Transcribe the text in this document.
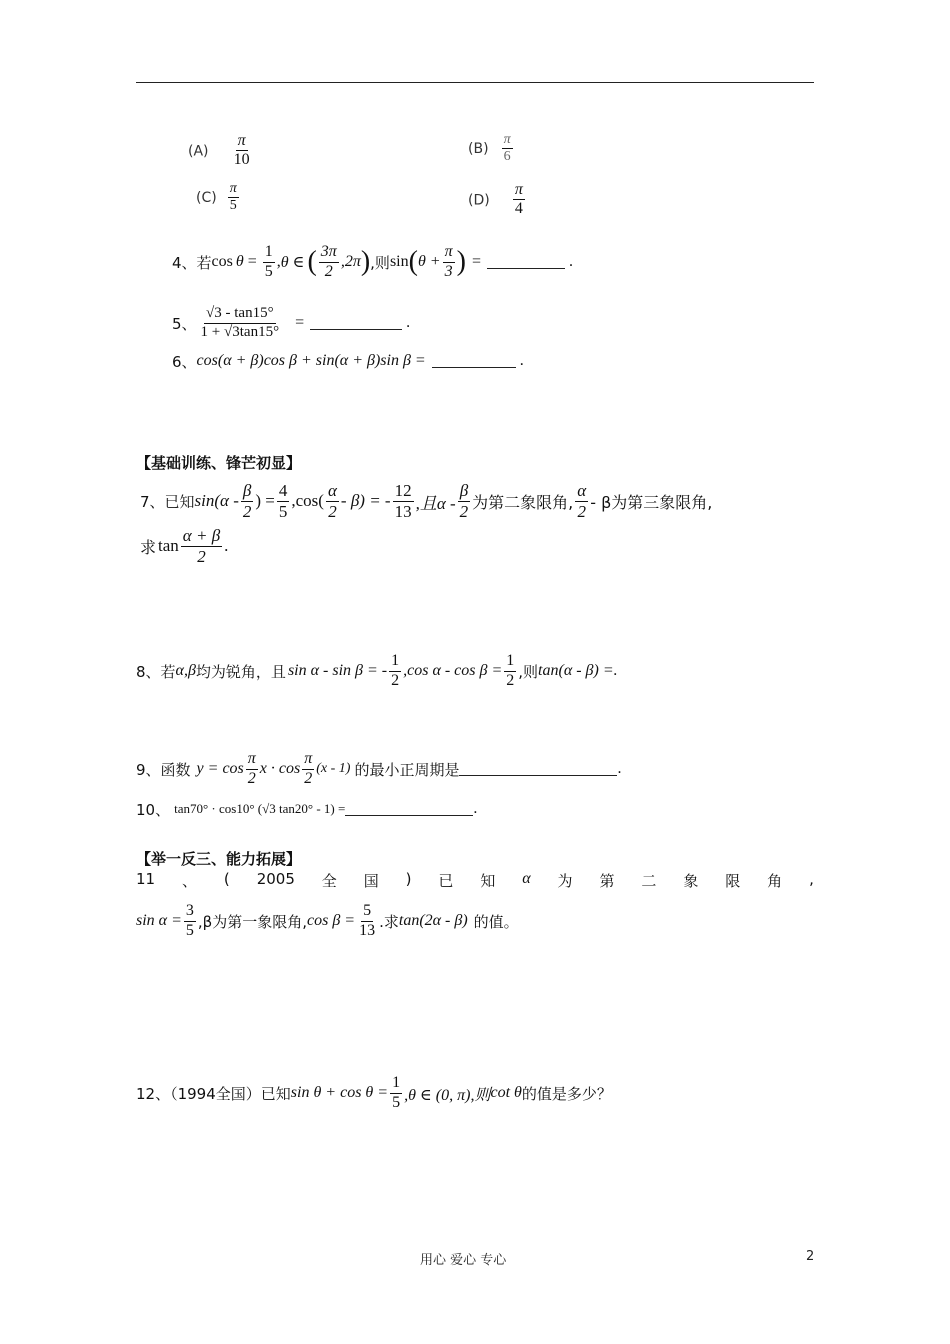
$(A) \frac{\pi}{10}$	$(B) \frac{\pi}{6}$
$(C) \frac{\pi}{5}$	$(D) \frac{\pi}{4}$
4、若 $\cos \theta = \frac{1}{5}$ , θ ∈ ( $\frac{3\pi}{2} ,2\pi$ ) ,则 sin ( $\theta + \frac{\pi}{3}$ ) =	.
5、 $\frac{√3 - \tan 15^\circ}{1 + √3\tan 15^\circ}$ =	.
6、 cos(α + β)cos β + sin(α + β)sin β =	.
【基础训练、锋芒初显】
7、已知 $\sin(\alpha - \frac{\beta}{2}$ ) = $\frac{4}{5} ,\cos( \frac{\alpha}{2} - \beta)$ = - $\frac{12}{13}$ ,且α - $\frac{\beta}{2}$ 为第二象限角, $\frac{\alpha}{2}$ - β为第三象限角,
求 $\tan \frac{\alpha + \beta}{2}$ .
8、若 α,β 均为锐角，且 sin α - sin β = - $\frac{1}{2} ,\cos$ $\alpha - \cos \beta = \frac{1}{2}$ ,则 tan(α - β) =.
9、函数 $y = \cos \frac{\pi}{2}$ $x \cdot \cos \frac{\pi}{2} (x - 1)$ 的最小正周期是	.
10、 tan70° · cos10° (√3 tan20° - 1) =	.
【举一反三、能力拓展】
11 、 ( 2005 全 国 ) 已 知 α 为 第 二 象 限 角 ,
$\sin \alpha = \frac{3}{5} ,\beta$为第一象限角, $\cos \beta = \frac{5}{13}$ .求 tan(2α - β) 的值。
12、（1994全国）已知 $\sin \theta + \cos \theta = \frac{1}{5} ,\theta$ ∈ (0, π),则 cot θ 的值是多少？
用心 爱心 专心	2
